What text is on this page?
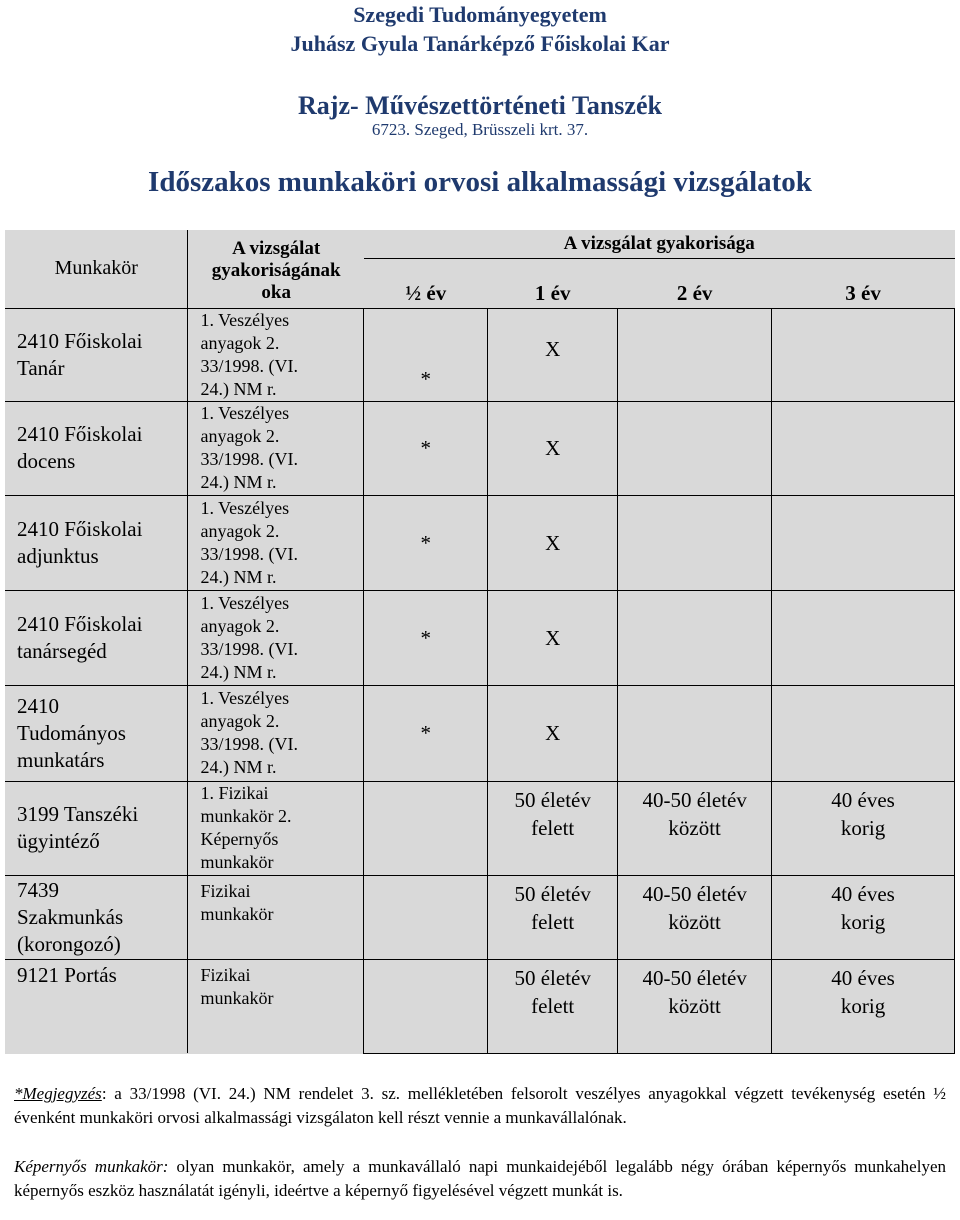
Szegedi Tudományegyetem
Juhász Gyula Tanárképző Főiskolai Kar
Rajz- Művészettörténeti Tanszék
6723. Szeged, Brüsszeli krt. 37.
Időszakos munkaköri orvosi alkalmassági vizsgálatok
Munkakör	A vizsgálat gyakoriságának oka	A vizsgálat gyakorisága			
		½ év	1 év	2 év	3 év
2410 Főiskolai Tanár	1. Veszélyes anyagok 2. 33/1998. (VI. 24.) NM r.	*	X		
2410 Főiskolai docens	1. Veszélyes anyagok 2. 33/1998. (VI. 24.) NM r.	*	X		
2410 Főiskolai adjunktus	1. Veszélyes anyagok 2. 33/1998. (VI. 24.) NM r.	*	X		
2410 Főiskolai tanársegéd	1. Veszélyes anyagok 2. 33/1998. (VI. 24.) NM r.	*	X		
2410 Tudományos munkatárs	1. Veszélyes anyagok 2. 33/1998. (VI. 24.) NM r.	*	X		
3199 Tanszéki ügyintéző	1. Fizikai munkakör 2. Képernyős munkakör		50 életév felett	40-50 életév között	40 éves korig
7439 Szakmunkás (korongozó)	Fizikai munkakör		50 életév felett	40-50 életév között	40 éves korig
9121 Portás	Fizikai munkakör		50 életév felett	40-50 életév között	40 éves korig
*Megjegyzés: a 33/1998 (VI. 24.) NM rendelet 3. sz. mellékletében felsorolt veszélyes anyagokkal végzett tevékenység esetén ½ évenként munkaköri orvosi alkalmassági vizsgálaton kell részt vennie a munkavállalónak.
Képernyős munkakör: olyan munkakör, amely a munkavállaló napi munkaidejéből legalább négy órában képernyős munkahelyen képernyős eszköz használatát igényli, ideértve a képernyő figyelésével végzett munkát is.
